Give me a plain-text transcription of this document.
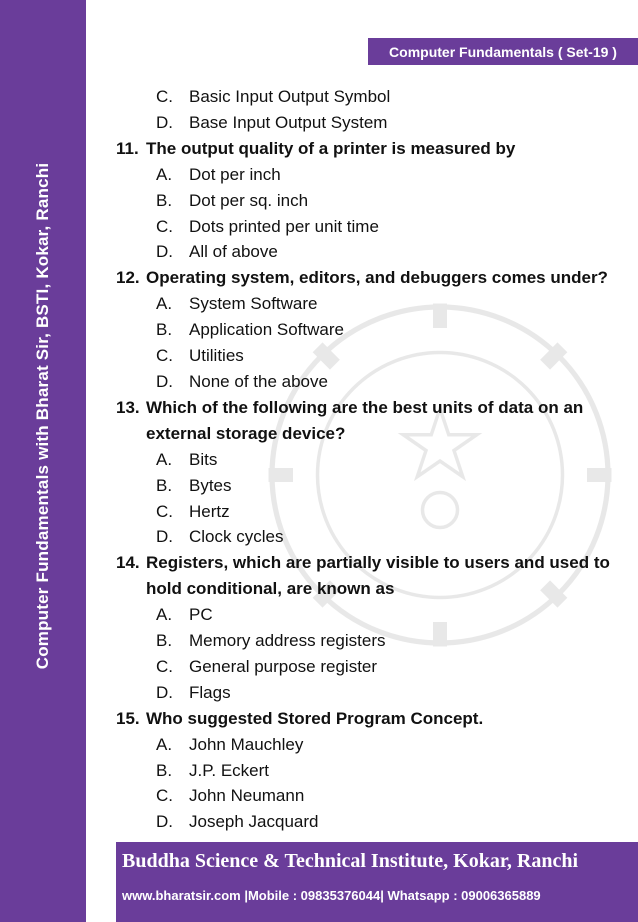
Computer Fundamentals with Bharat Sir, BSTI, Kokar, Ranchi
Computer Fundamentals ( Set-19 )
C. Basic Input Output Symbol
D. Base Input Output System
11. The output quality of a printer is measured by
A. Dot per inch
B. Dot per sq. inch
C. Dots printed per unit time
D. All of above
12. Operating system, editors, and debuggers comes under?
A. System Software
B. Application Software
C. Utilities
D. None of the above
13. Which of the following are the best units of data on an external storage device?
A. Bits
B. Bytes
C. Hertz
D. Clock cycles
14. Registers, which are partially visible to users and used to hold conditional, are known as
A. PC
B. Memory address registers
C. General purpose register
D. Flags
15. Who suggested Stored Program Concept.
A. John Mauchley
B. J.P. Eckert
C. John Neumann
D. Joseph Jacquard
Buddha Science & Technical Institute, Kokar, Ranchi
www.bharatsir.com |Mobile : 09835376044| Whatsapp : 09006365889
